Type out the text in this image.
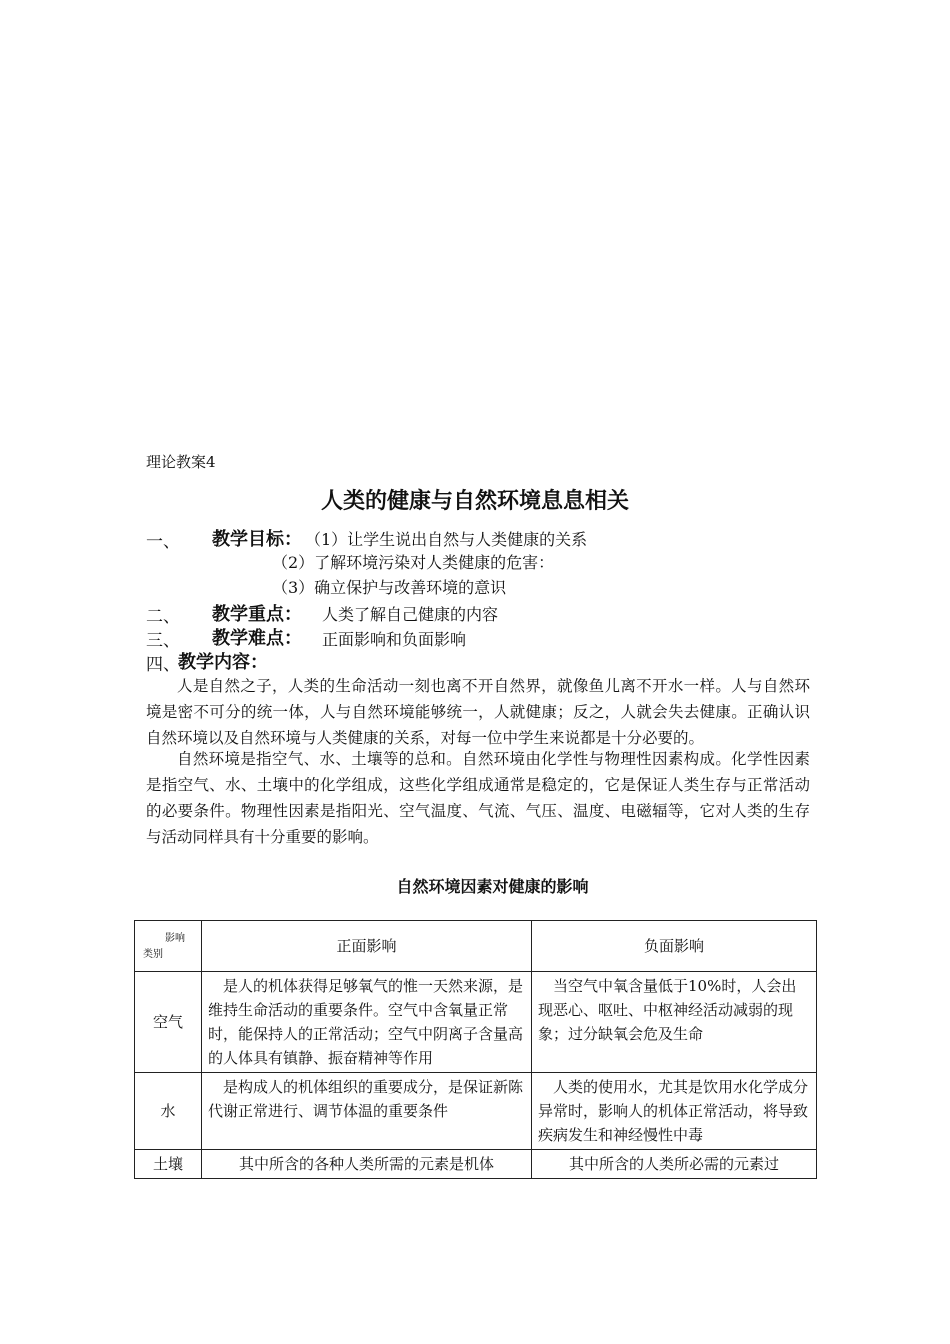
理论教案4
人类的健康与自然环境息息相关
一、 教学目标： （1）让学生说出自然与人类健康的关系
（2）了解环境污染对人类健康的危害：
（3）确立保护与改善环境的意识
二、 教学重点： 人类了解自己健康的内容
三、 教学难点： 正面影响和负面影响
四、
教学内容：

人是自然之子，人类的生命活动一刻也离不开自然界，就像鱼儿离不开水一样。人与自然环境是密不可分的统一体，人与自然环境能够统一，人就健康；反之，人就会失去健康。正确认识自然环境以及自然环境与人类健康的关系，对每一位中学生来说都是十分必要的。

自然环境是指空气、水、土壤等的总和。自然环境由化学性与物理性因素构成。化学性因素是指空气、水、土壤中的化学组成，这些化学组成通常是稳定的，它是保证人类生存与正常活动的必要条件。物理性因素是指阳光、空气温度、气流、气压、温度、电磁辐等，它对人类的生存与活动同样具有十分重要的影响。

自然环境因素对健康的影响
影响
类别	正面影响	负面影响
空气	是人的机体获得足够氧气的惟一天然来源，是维持生命活动的重要条件。空气中含氧量正常时，能保持人的正常活动；空气中阴离子含量高的人体具有镇静、振奋精神等作用	当空气中氧含量低于10%时，人会出现恶心、呕吐、中枢神经活动减弱的现象；过分缺氧会危及生命
水	是构成人的机体组织的重要成分，是保证新陈代谢正常进行、调节体温的重要条件	人类的使用水，尤其是饮用水化学成分异常时，影响人的机体正常活动，将导致疾病发生和神经慢性中毒
土壤	其中所含的各种人类所需的元素是机体	其中所含的人类所必需的元素过
